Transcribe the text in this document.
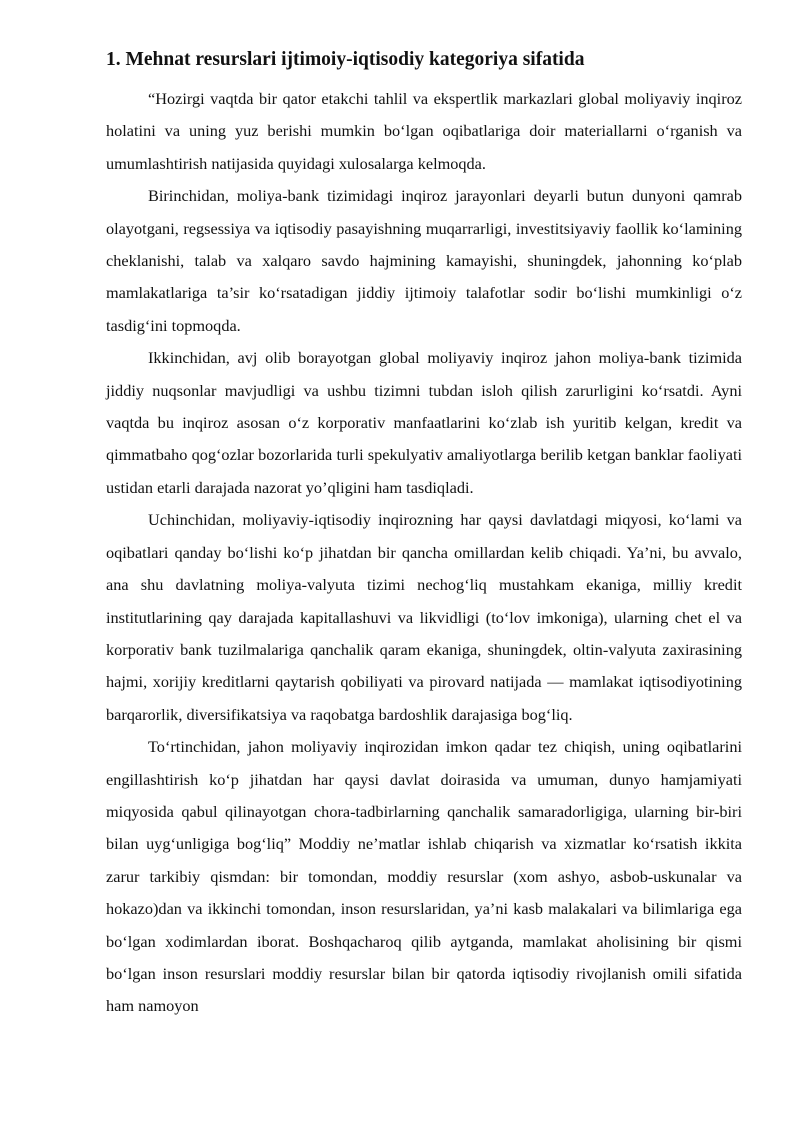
1. Mehnat resurslari ijtimoiy-iqtisodiy kategoriya sifatida

“Hozirgi vaqtda bir qator etakchi tahlil va ekspertlik markazlari global moliyaviy inqiroz holatini va uning yuz berishi mumkin bo‘lgan oqibatlariga doir materiallarni o‘rganish va umumlashtirish natijasida quyidagi xulosalarga kelmoqda.

Birinchidan, moliya-bank tizimidagi inqiroz jarayonlari deyarli butun dunyoni qamrab olayotgani, regsessiya va iqtisodiy pasayishning muqarrarligi, investitsiyaviy faollik ko‘lamining cheklanishi, talab va xalqaro savdo hajmining kamayishi, shuningdek, jahonning ko‘plab mamlakatlariga ta’sir ko‘rsatadigan jiddiy ijtimoiy talafotlar sodir bo‘lishi mumkinligi o‘z tasdig‘ini topmoqda.

Ikkinchidan, avj olib borayotgan global moliyaviy inqiroz jahon moliya-bank tizimida jiddiy nuqsonlar mavjudligi va ushbu tizimni tubdan isloh qilish zarurligini ko‘rsatdi. Ayni vaqtda bu inqiroz asosan o‘z korporativ manfaatlarini ko‘zlab ish yuritib kelgan, kredit va qimmatbaho qog‘ozlar bozorlarida turli spekulyativ amaliyotlarga berilib ketgan banklar faoliyati ustidan etarli darajada nazorat yo’qligini ham tasdiqladi.

Uchinchidan, moliyaviy-iqtisodiy inqirozning har qaysi davlatdagi miqyosi, ko‘lami va oqibatlari qanday bo‘lishi ko‘p jihatdan bir qancha omillardan kelib chiqadi. Ya’ni, bu avvalo, ana shu davlatning moliya-valyuta tizimi nechog‘liq mustahkam ekaniga, milliy kredit institutlarining qay darajada kapitallashuvi va likvidligi (to‘lov imkoniga), ularning chet el va korporativ bank tuzilmalariga qanchalik qaram ekaniga, shuningdek, oltin-valyuta zaxirasining hajmi, xorijiy kreditlarni qaytarish qobiliyati va pirovard natijada — mamlakat iqtisodiyotining barqarorlik, diversifikatsiya va raqobatga bardoshlik darajasiga bog‘liq.

To‘rtinchidan, jahon moliyaviy inqirozidan imkon qadar tez chiqish, uning oqibatlarini engillashtirish ko‘p jihatdan har qaysi davlat doirasida va umuman, dunyo hamjamiyati miqyosida qabul qilinayotgan chora-tadbirlarning qanchalik samaradorligiga, ularning bir-biri bilan uyg‘unligiga bog‘liq” Moddiy ne’matlar ishlab chiqarish va xizmatlar ko‘rsatish ikkita zarur tarkibiy qismdan: bir tomondan, moddiy resurslar (xom ashyo, asbob-uskunalar va hokazo)dan va ikkinchi tomondan, inson resurslaridan, ya’ni kasb malakalari va bilimlariga ega bo‘lgan xodimlardan iborat. Boshqacharoq qilib aytganda, mamlakat aholisining bir qismi bo‘lgan inson resurslari moddiy resurslar bilan bir qatorda iqtisodiy rivojlanish omili sifatida ham namoyon
